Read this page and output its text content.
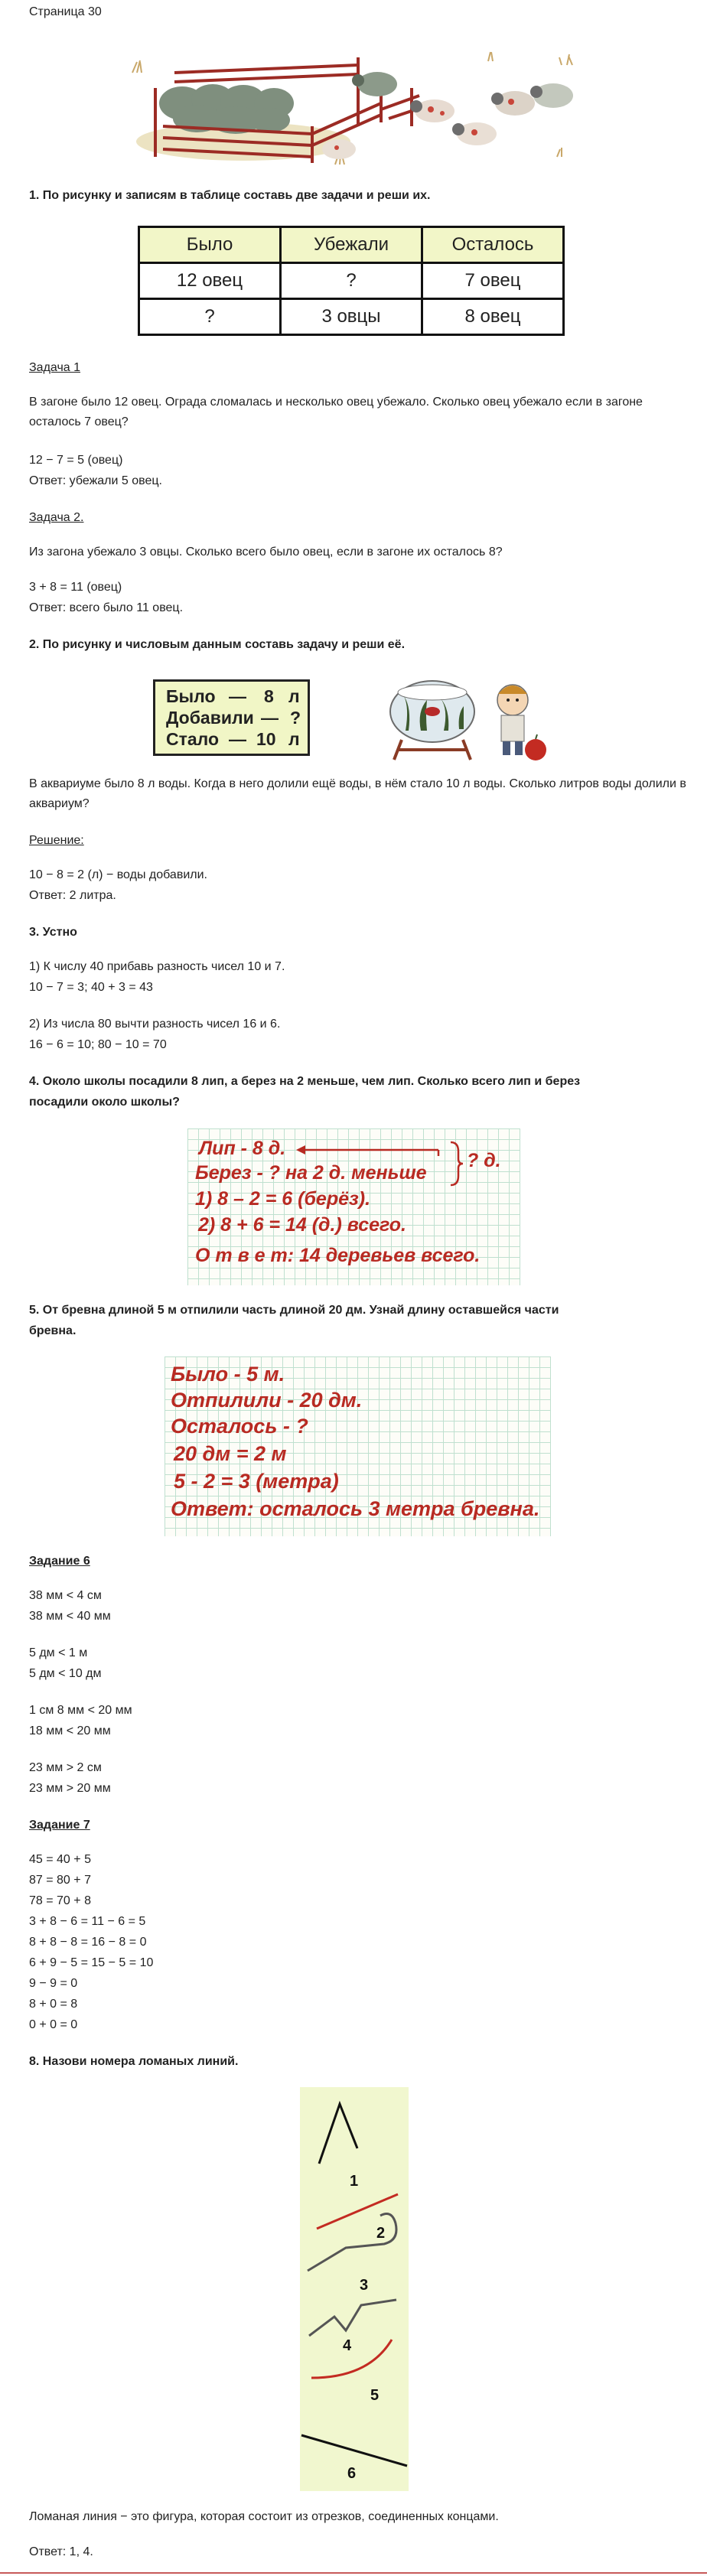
Страница 30
1. По рисунку и записям в таблице составь две задачи и реши их.
Было	Убежали	Осталось
12 овец	?	7 овец
?	3 овцы	8 овец
Задача 1
В загоне было 12 овец. Ограда сломалась и несколько овец убежало. Сколько овец убежало если в загоне осталось 7 овец?
12 − 7 = 5 (овец)
Ответ: убежали 5 овец.
Задача 2.
Из загона убежало 3 овцы. Сколько всего было овец, если в загоне их осталось 8?
3 + 8 = 11 (овец)
Ответ: всего было 11 овец.
2. По рисунку и числовым данным составь задачу и реши её.
Было — 8 л
Добавили — ?
Стало — 10 л
В аквариуме было 8 л воды. Когда в него долили ещё воды, в нём стало 10 л воды. Сколько литров воды долили в аквариум?
Решение:
10 − 8 = 2 (л) − воды добавили.
Ответ: 2 литра.
3. Устно
1) К числу 40 прибавь разность чисел 10 и 7.
10 − 7 = 3; 40 + 3 = 43
2) Из числа 80 вычти разность чисел 16 и 6.
16 − 6 = 10; 80 − 10 = 70
4. Около школы посадили 8 лип, а берез на 2 меньше, чем лип. Сколько всего лип и берез
посадили около школы?
Лип - 8 д.
Берез - ? на 2 д. меньше
? д.
1) 8 – 2 = 6 (берёз).
2) 8 + 6 = 14 (д.) всего.
О т в е т: 14 деревьев всего.
5. От бревна длиной 5 м отпилили часть длиной 20 дм. Узнай длину оставшейся части
бревна.
Было - 5 м.
Отпилили - 20 дм.
Осталось - ?
20 дм = 2 м
5 - 2 = 3 (метра)
Ответ: осталось 3 метра бревна.
Задание 6
38 мм < 4 см
38 мм < 40 мм
5 дм < 1 м
5 дм < 10 дм
1 см 8 мм < 20 мм
18 мм < 20 мм
23 мм > 2 см
23 мм > 20 мм
Задание 7
45 = 40 + 5
87 = 80 + 7
78 = 70 + 8
3 + 8 − 6 = 11 − 6 = 5
8 + 8 − 8 = 16 − 8 = 0
6 + 9 − 5 = 15 − 5 = 10
9 − 9 = 0
8 + 0 = 8
0 + 0 = 0
8. Назови номера ломаных линий.
1
2
3
4
5
6
Ломаная линия − это фигура, которая состоит из отрезков, соединенных концами.
Ответ: 1, 4.
